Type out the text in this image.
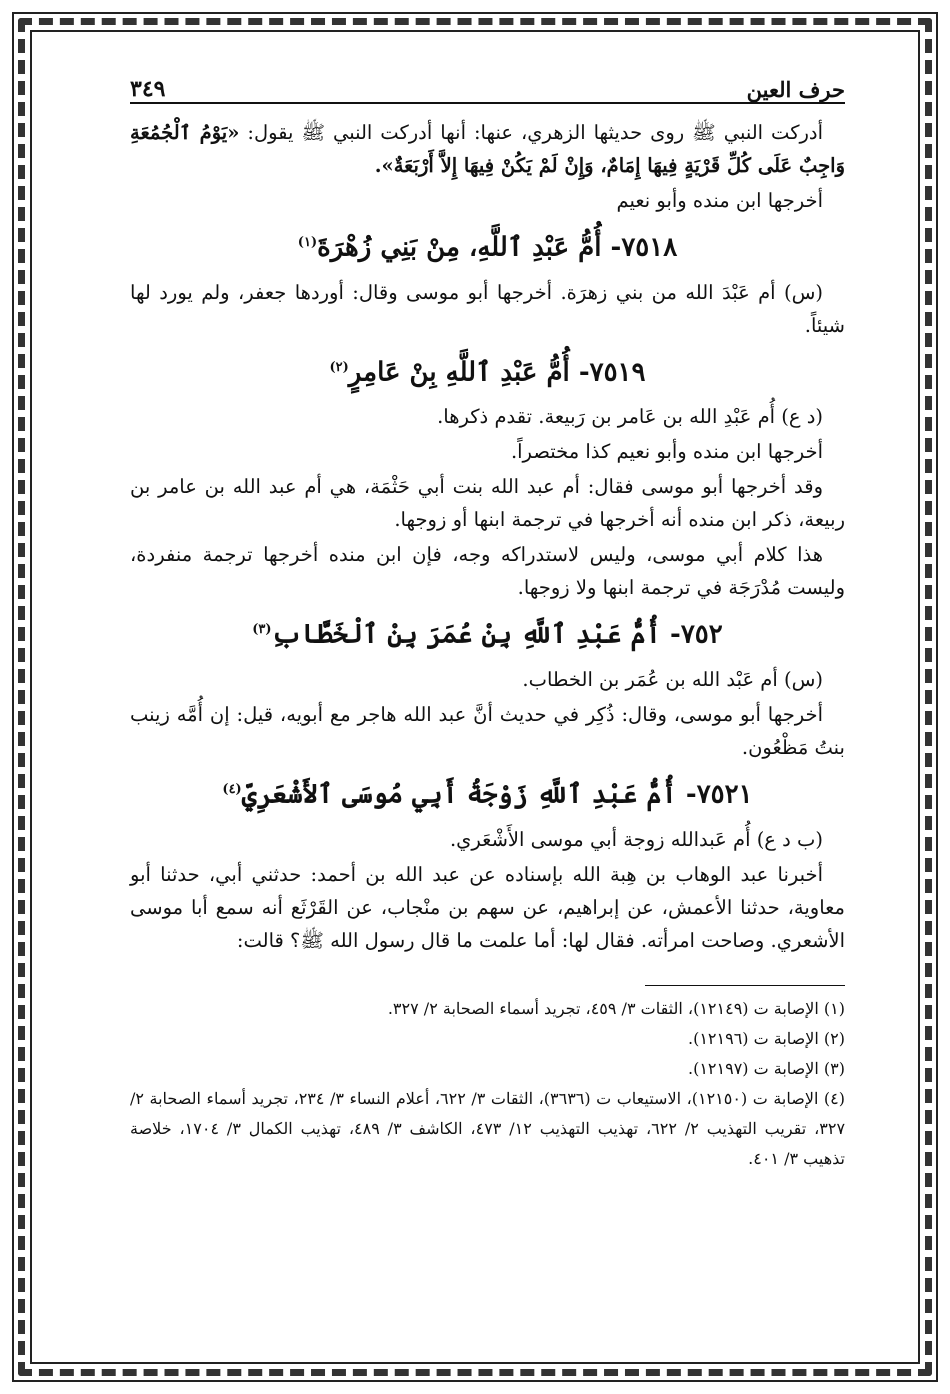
حرف العين
٣٤٩

أدركت النبي ﷺ روى حديثها الزهري، عنها: أنها أدركت النبي ﷺ يقول: «يَوْمُ ٱلْجُمُعَةِ وَاجِبٌ عَلَى كُلِّ قَرْيَةٍ فِيهَا إِمَامٌ، وَإِنْ لَمْ يَكُنْ فِيهَا إِلاَّ أَرْبَعَةٌ».

أخرجها ابن منده وأبو نعيم

٧٥١٨- أُمُّ عَبْدِ ٱللَّهِ، مِنْ بَنِي زُهْرَةَ$^{(١)}$

(س) أم عَبْدَ الله من بني زهرَة. أخرجها أبو موسى وقال: أوردها جعفر، ولم يورد لها شيئاً.

٧٥١٩- أُمُّ عَبْدِ ٱللَّهِ بِنْ عَامِرٍ$^{(٢)}$

(د ع) أُم عَبْدِ الله بن عَامر بن رَبيعة. تقدم ذكرها.

أخرجها ابن منده وأبو نعيم كذا مختصراً.

وقد أخرجها أبو موسى فقال: أم عبد الله بنت أبي حَثْمَة، هي أم عبد الله بن عامر بن ربيعة، ذكر ابن منده أنه أخرجها في ترجمة ابنها أو زوجها.

هذا كلام أبي موسى، وليس لاستدراكه وجه، فإن ابن منده أخرجها ترجمة منفردة، وليست مُدْرَجَة في ترجمة ابنها ولا زوجها.

٧٥٢- أُمُّ عَبْدِ ٱللَّهِ بِنْ عُمَرَ بِنْ ٱلْخَطَّابِ$^{(٣)}$

(س) أم عَبْد الله بن عُمَر بن الخطاب.

أخرجها أبو موسى، وقال: ذُكِر في حديث أنَّ عبد الله هاجر مع أبويه، قيل: إن أُمَّه زينب بنتُ مَظْعُون.

٧٥٢١- أُمُّ عَبْدِ ٱللَّهِ زَوْجَةُ أَبِي مُوسَى ٱلأَشْعَرِيِّ$^{(٤)}$

(ب د ع) أُم عَبدالله زوجة أبي موسى الأَشْعَري.

أخبرنا عبد الوهاب بن هِبة الله بإسناده عن عبد الله بن أحمد: حدثني أبي، حدثنا أبو معاوية، حدثنا الأعمش، عن إبراهيم، عن سهم بن منْجاب، عن القَرْثَع أنه سمع أبا موسى الأشعري. وصاحت امرأته. فقال لها: أما علمت ما قال رسول الله ﷺ؟ قالت:

(١) الإصابة ت (١٢١٤٩)، الثقات ٣/ ٤٥٩، تجريد أسماء الصحابة ٢/ ٣٢٧.

(٢) الإصابة ت (١٢١٩٦).

(٣) الإصابة ت (١٢١٩٧).

(٤) الإصابة ت (١٢١٥٠)، الاستيعاب ت (٣٦٣٦)، الثقات ٣/ ٦٢٢، أعلام النساء ٣/ ٢٣٤، تجريد أسماء الصحابة ٢/ ٣٢٧، تقريب التهذيب ٢/ ٦٢٢، تهذيب التهذيب ١٢/ ٤٧٣، الكاشف ٣/ ٤٨٩، تهذيب الكمال ٣/ ١٧٠٤، خلاصة تذهيب ٣/ ٤٠١.
